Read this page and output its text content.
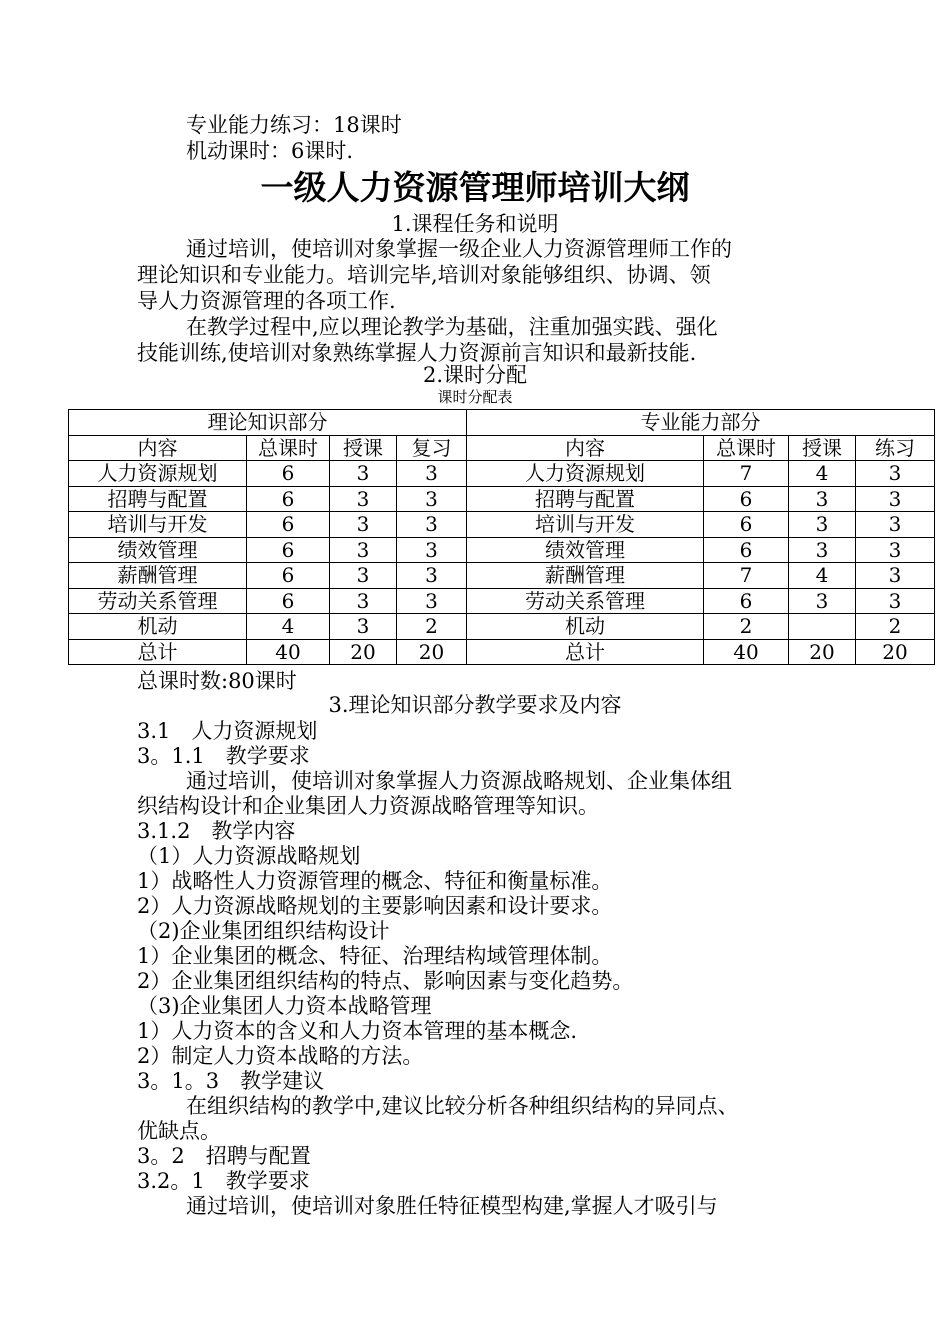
专业能力练习：18课时
机动课时：6课时.
一级人力资源管理师培训大纲
1.课程任务和说明
通过培训，使培训对象掌握一级企业人力资源管理师工作的
理论知识和专业能力。培训完毕,培训对象能够组织、协调、领
导人力资源管理的各项工作.
在教学过程中,应以理论教学为基础，注重加强实践、强化
技能训练,使培训对象熟练掌握人力资源前言知识和最新技能.
2.课时分配
课时分配表
理论知识部分				专业能力部分			
内容	总课时	授课	复习	内容	总课时	授课	练习
人力资源规划	6	3	3	人力资源规划	7	4	3
招聘与配置	6	3	3	招聘与配置	6	3	3
培训与开发	6	3	3	培训与开发	6	3	3
绩效管理	6	3	3	绩效管理	6	3	3
薪酬管理	6	3	3	薪酬管理	7	4	3
劳动关系管理	6	3	3	劳动关系管理	6	3	3
机动	4	3	2	机动	2		2
总计	40	20	20	总计	40	20	20
总课时数:80课时
3.理论知识部分教学要求及内容
3.1　人力资源规划
3。1.1　教学要求
通过培训，使培训对象掌握人力资源战略规划、企业集体组
织结构设计和企业集团人力资源战略管理等知识。
3.1.2　教学内容
（1）人力资源战略规划
1）战略性人力资源管理的概念、特征和衡量标准。
2）人力资源战略规划的主要影响因素和设计要求。
（2)企业集团组织结构设计
1）企业集团的概念、特征、治理结构域管理体制。
2）企业集团组织结构的特点、影响因素与变化趋势。
（3)企业集团人力资本战略管理
1）人力资本的含义和人力资本管理的基本概念.
2）制定人力资本战略的方法。
3。1。3　教学建议
在组织结构的教学中,建议比较分析各种组织结构的异同点、
优缺点。
3。2　招聘与配置
3.2。1　教学要求
通过培训，使培训对象胜任特征模型构建,掌握人才吸引与
